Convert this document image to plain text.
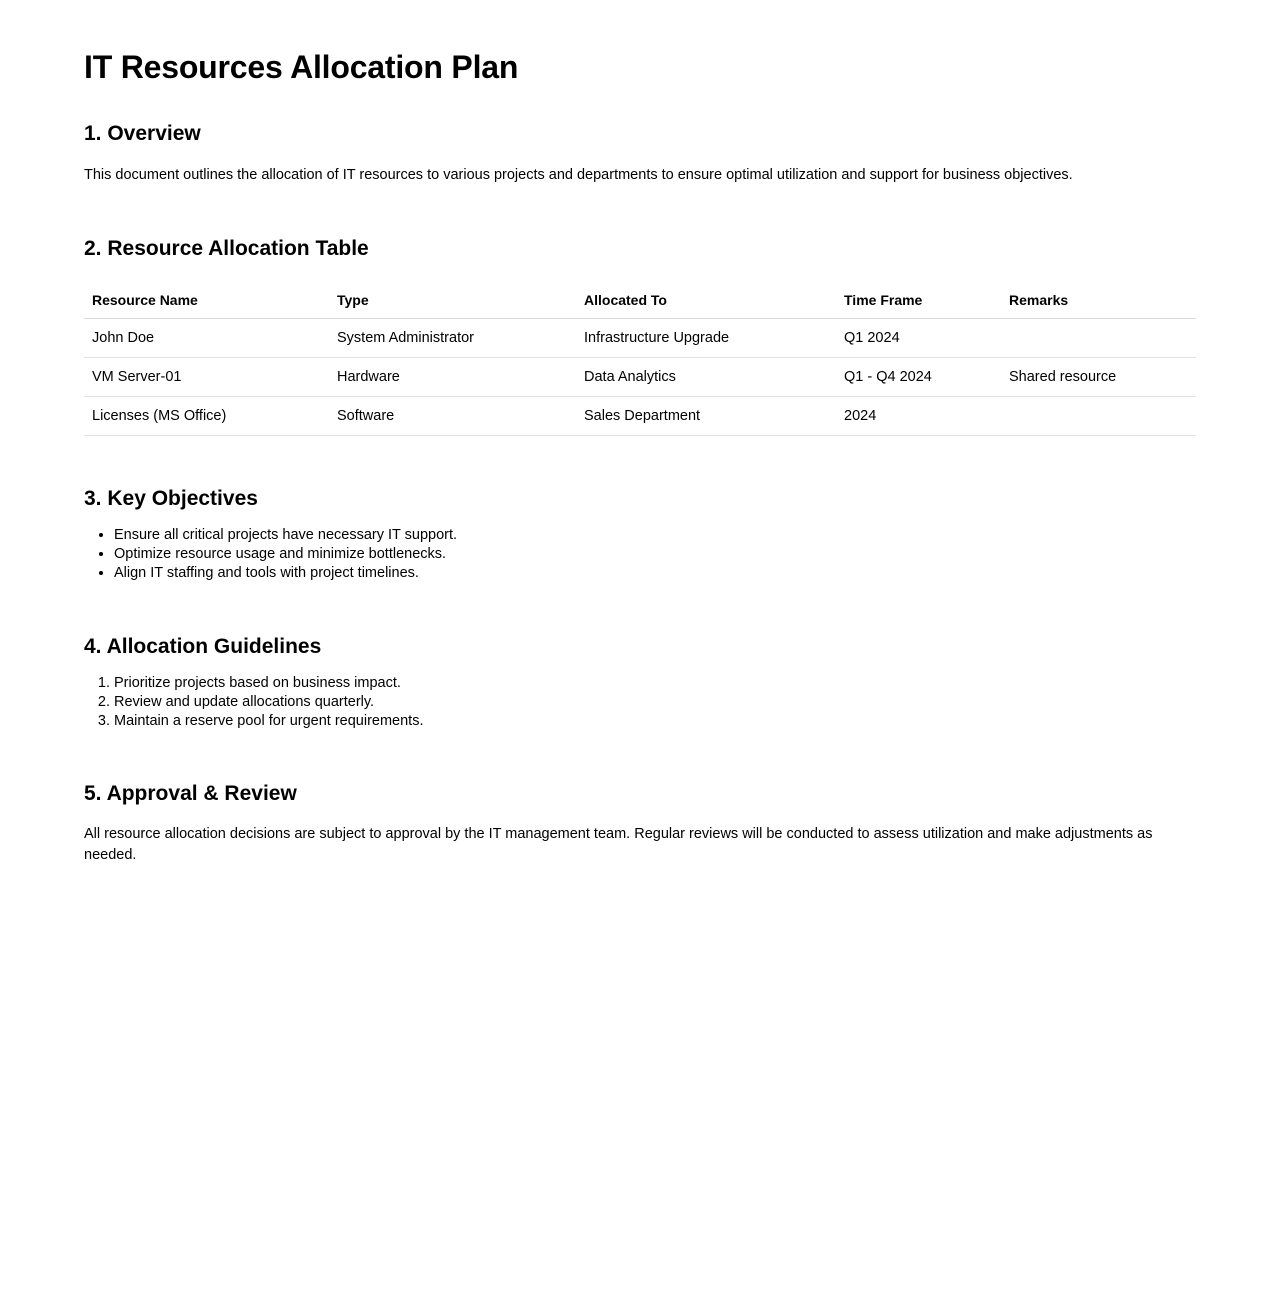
IT Resources Allocation Plan
1. Overview

This document outlines the allocation of IT resources to various projects and departments to ensure optimal utilization and support for business objectives.

2. Resource Allocation Table
Resource Name	Type	Allocated To	Time Frame	Remarks
John Doe	System Administrator	Infrastructure Upgrade	Q1 2024	
VM Server-01	Hardware	Data Analytics	Q1 - Q4 2024	Shared resource
Licenses (MS Office)	Software	Sales Department	2024	
3. Key Objectives
• Ensure all critical projects have necessary IT support.
• Optimize resource usage and minimize bottlenecks.
• Align IT staffing and tools with project timelines.
4. Allocation Guidelines
1. Prioritize projects based on business impact.
2. Review and update allocations quarterly.
3. Maintain a reserve pool for urgent requirements.
5. Approval & Review

All resource allocation decisions are subject to approval by the IT management team. Regular reviews will be conducted to assess utilization and make adjustments as needed.
